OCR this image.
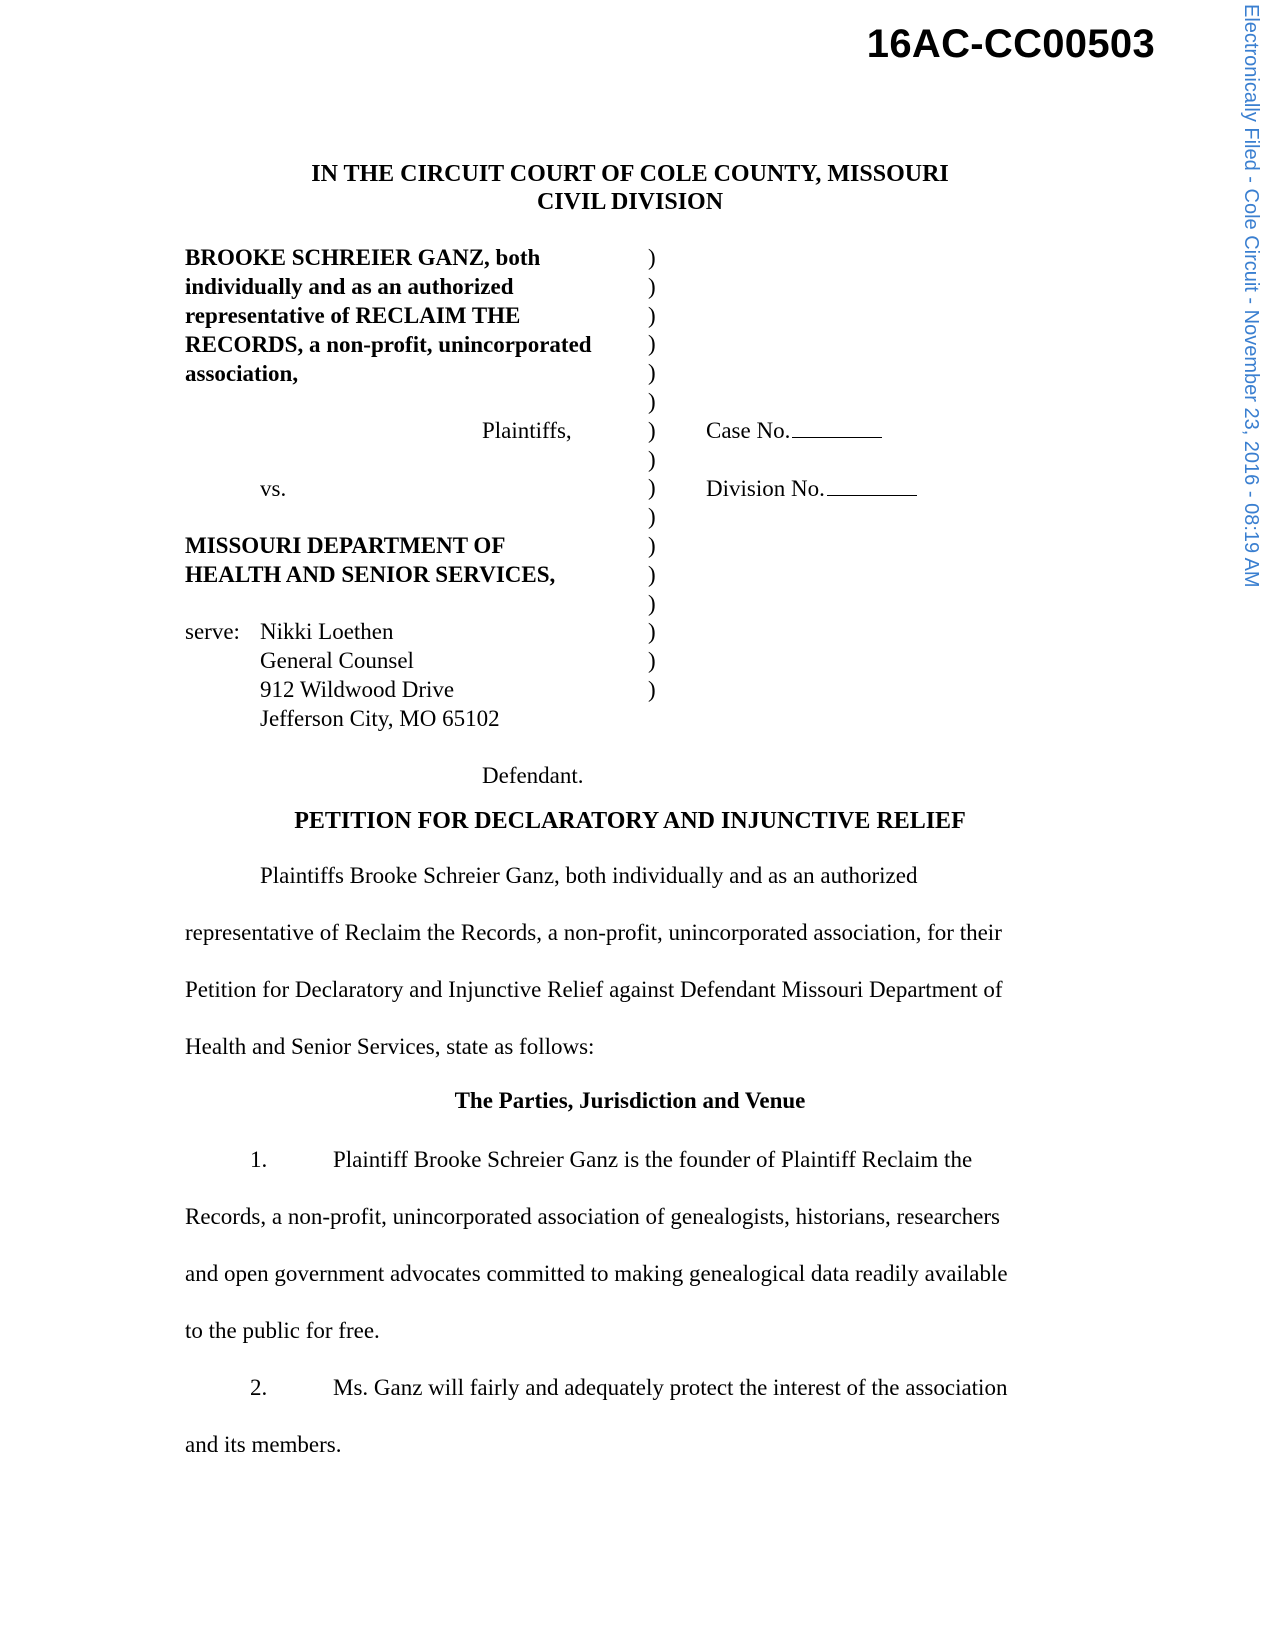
16AC-CC00503	Electronically Filed - Cole Circuit - November 23, 2016 - 08:19 AM
IN THE CIRCUIT COURT OF COLE COUNTY, MISSOURI
CIVIL DIVISION
BROOKE SCHREIER GANZ, both
individually and as an authorized
representative of RECLAIM THE
RECORDS, a non-profit, unincorporated
association,
Plaintiffs,
vs.
MISSOURI DEPARTMENT OF
HEALTH AND SENIOR SERVICES,
serve: Nikki Loethen
General Counsel
912 Wildwood Drive
Jefferson City, MO 65102
Defendant.
)
)
)
)
)
)
)
)
)
)
)
)
)
)
)
)
Case No.
Division No.
PETITION FOR DECLARATORY AND INJUNCTIVE RELIEF
Plaintiffs Brooke Schreier Ganz, both individually and as an authorized
representative of Reclaim the Records, a non-profit, unincorporated association, for their
Petition for Declaratory and Injunctive Relief against Defendant Missouri Department of
Health and Senior Services, state as follows:
The Parties, Jurisdiction and Venue
1.	Plaintiff Brooke Schreier Ganz is the founder of Plaintiff Reclaim the
Records, a non-profit, unincorporated association of genealogists, historians, researchers
and open government advocates committed to making genealogical data readily available
to the public for free.
2.	Ms. Ganz will fairly and adequately protect the interest of the association
and its members.
